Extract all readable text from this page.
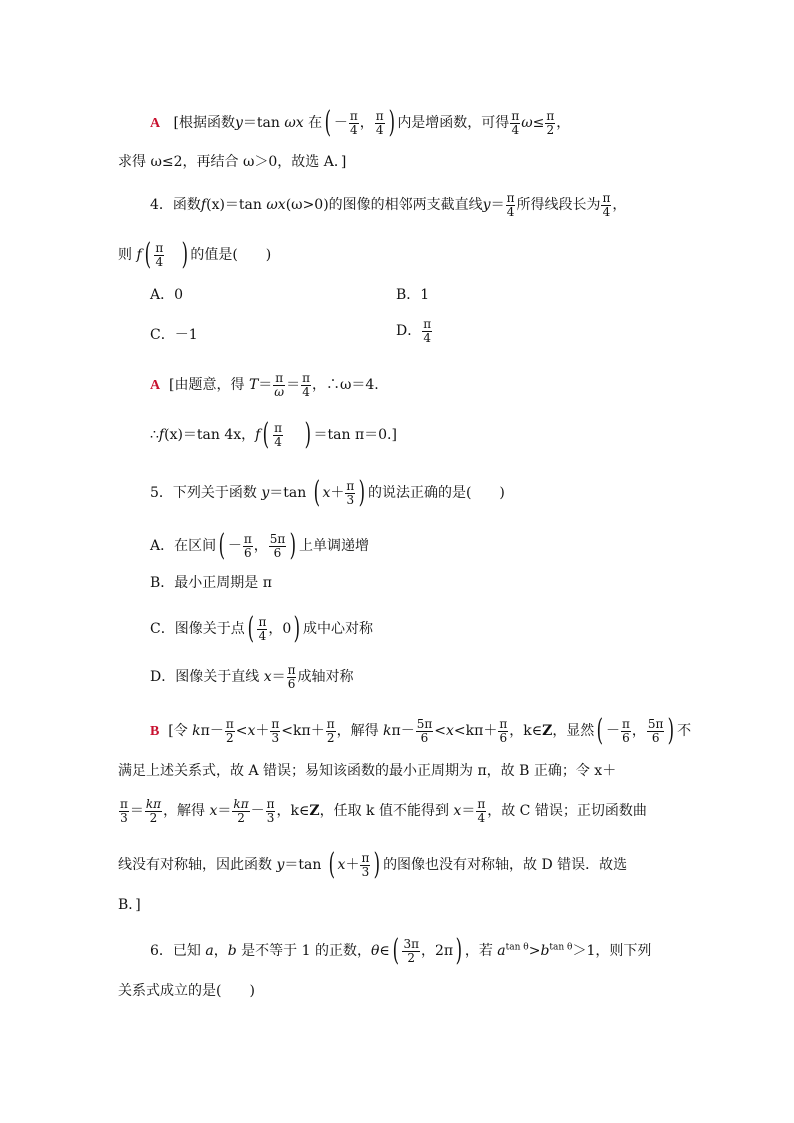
A [根据函数y＝tan ωx 在( － $\frac{\pi}{4}$ ， $\frac{\pi}{4}$ ) 内是增函数，可得 $\frac{\pi}{4} \omega\le \frac{\pi}{2}$ ，
求得 ω≤2，再结合 ω＞0，故选 A．]
4．函数f(x)＝tan ωx(ω>0)的图像的相邻两支截直线$y= \frac{\pi}{4}$ 所得线段长为 $\frac{\pi}{4}$ ，
则 $f( \frac{\pi}{4}$ ) 的值是(　　)
A．0	B．1
C．－1	D． $\frac{\pi}{4}$
A [由题意，得 $T= \frac{\pi}{\omega} = \frac{\pi}{4}$ ，∴ω＝4.
∴f(x)＝tan 4x，$f( \frac{\pi}{4}$ ) ＝tan π＝0.]
5．下列关于函数 y＝tan ( $x+ \frac{\pi}{3}$ ) 的说法正确的是(　　)
A．在区间( － $\frac{\pi}{6}$ ， $\frac{5\pi}{6}$ ) 上单调递增
B．最小正周期是 π
C．图像关于点( $\frac{\pi}{4}$ ，0) 成中心对称
D．图像关于直线 $x= \frac{\pi}{6}$ 成轴对称
B [令 $k\pi- \frac{\pi}{2} <x+ \frac{\pi}{3} <k\pi+ \frac{\pi}{2}$ ，解得 $k\pi- \frac{5\pi}{6} <x<k\pi+ \frac{\pi}{6}$ ，k∈Z，显然( － $\frac{\pi}{6}$ ， $\frac{5\pi}{6}$ ) 不
满足上述关系式，故 A 错误；易知该函数的最小正周期为 π，故 B 正确；令 x＋
$\frac{\pi}{3} = \frac{k\pi}{2}$ ，解得 $x= \frac{k\pi}{2} - \frac{\pi}{3}$ ，k∈Z，任取 k 值不能得到 $x= \frac{\pi}{4}$ ，故 C 错误；正切函数曲
线没有对称轴，因此函数 y＝tan ( $x+ \frac{\pi}{3}$ ) 的图像也没有对称轴，故 D 错误．故选
B．]
6．已知 a，b 是不等于 1 的正数，θ∈( $\frac{3\pi}{2}$ ，2π) ，若 $a^{tan \theta}>b^{tan \theta}>1$，则下列
关系式成立的是(　　)
